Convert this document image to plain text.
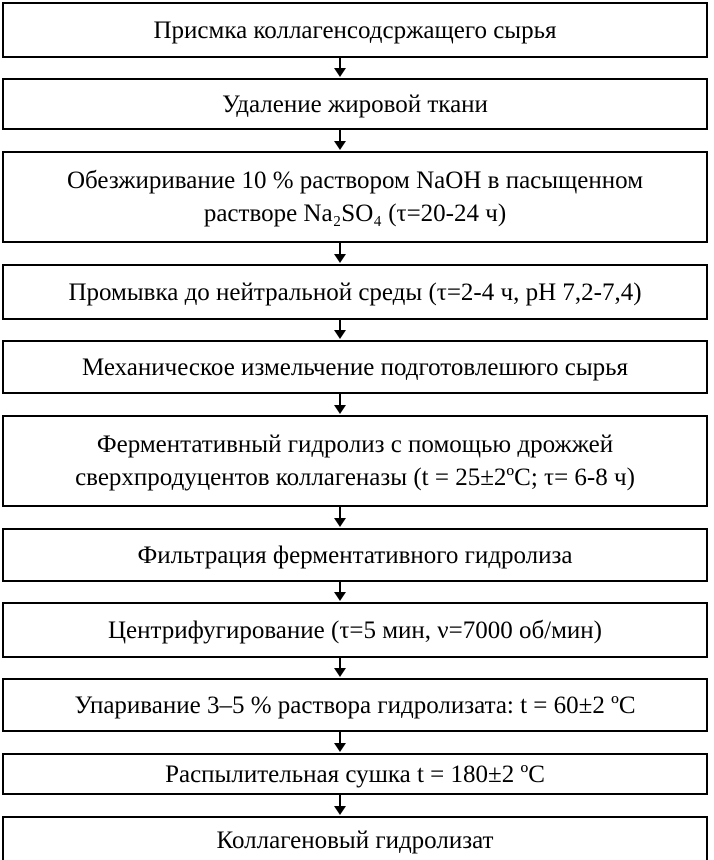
Присмка коллагенсодсржащего сырья
Удаление жировой ткани
Обезжиривание 10 % раствором NaOH в пасыщенном
растворе Na₂SO₄ (τ=20-24 ч)
Промывка до нейтральной среды (τ=2-4 ч, pH 7,2-7,4)
Механическое измельчение подготовлешюго сырья
Ферментативный гидролиз с помощью дрожжей
сверхпродуцентов коллагеназы (t = 25±2ºС; τ= 6-8 ч)
Фильтрация ферментативного гидролиза
Центрифугирование (τ=5 мин, ν=7000 об/мин)
Упаривание 3–5 % раствора гидролизата: t = 60±2 ºС
Распылительная сушка t = 180±2 ºС
Коллагеновый гидролизат
